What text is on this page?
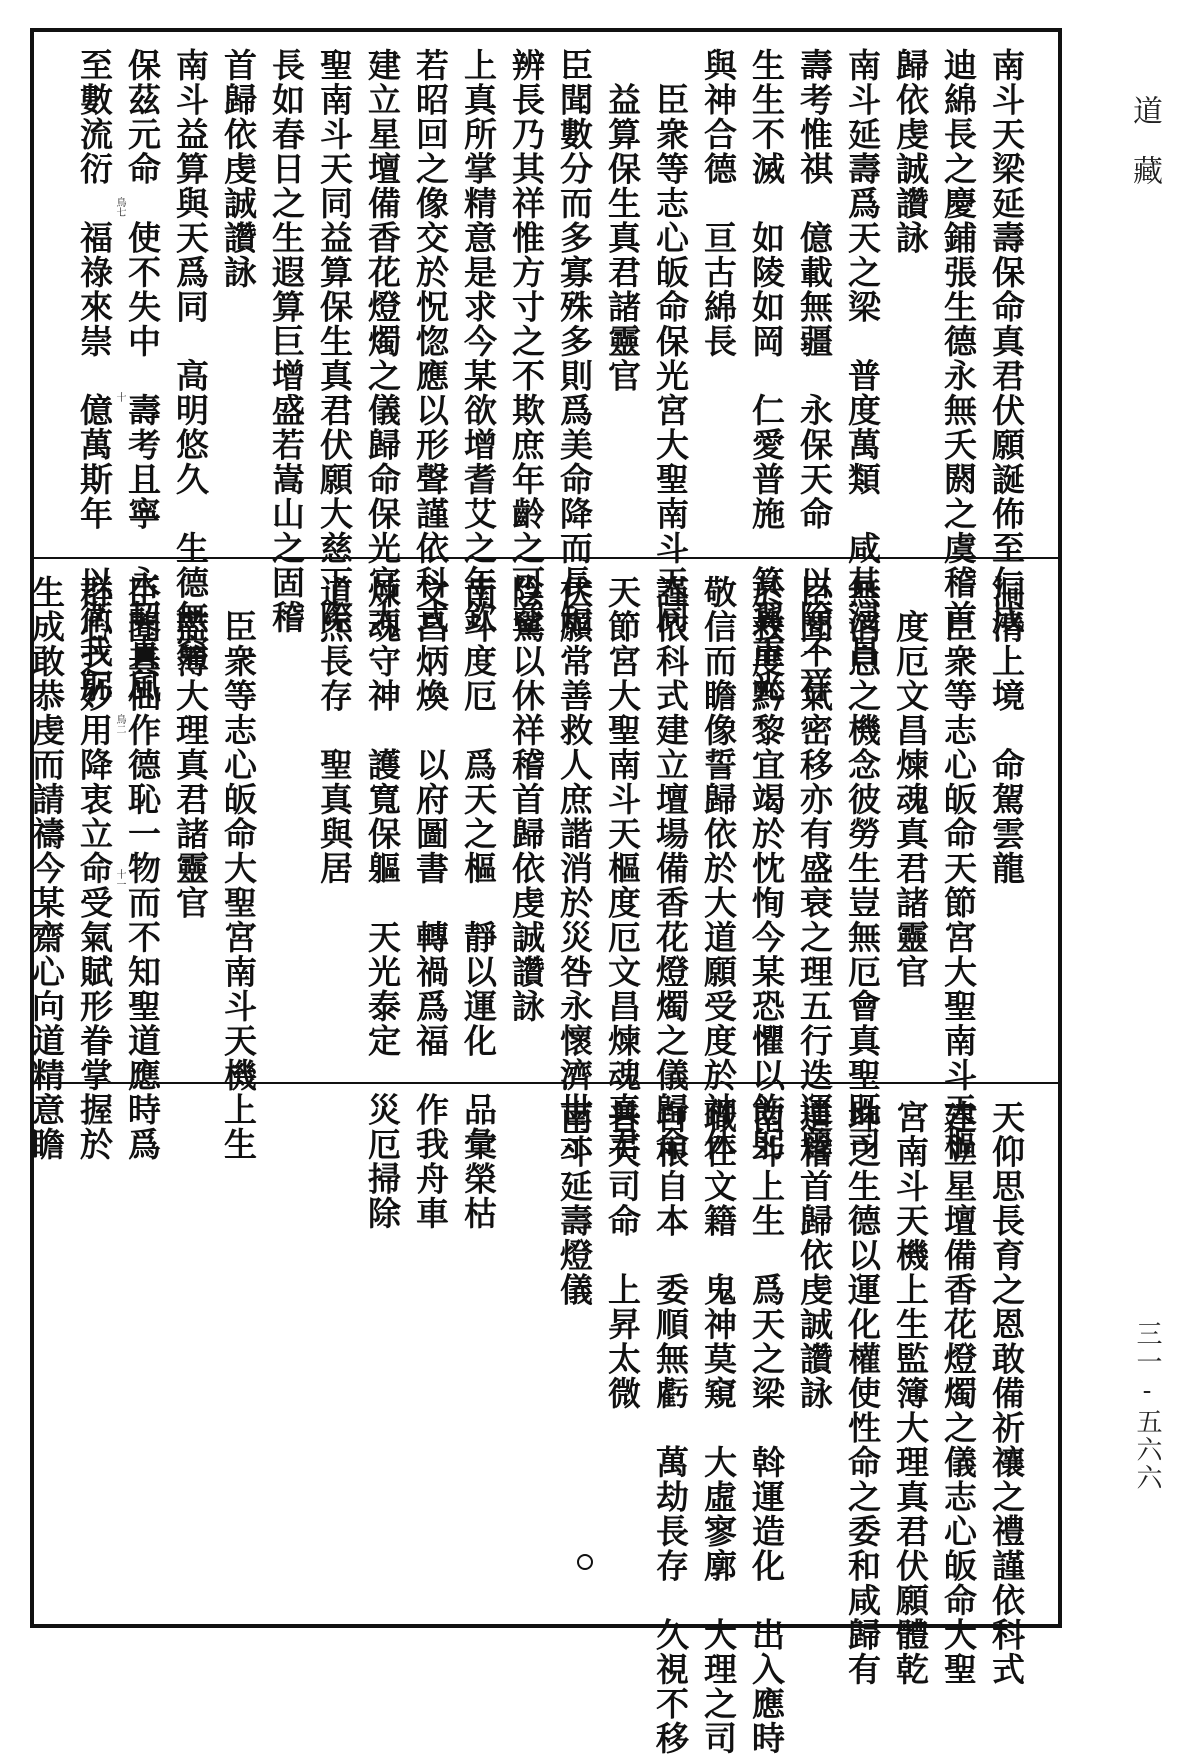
南斗天梁延壽保命真君伏願誕佈至仁成
迪綿長之慶鋪張生德永無夭閼之虞稽首
歸依虔誠讚詠
南斗延壽爲天之梁　普度萬類　咸其浸昌
壽考惟祺　億載無疆　永保天命　以除不祥
生生不滅　如陵如岡　仁愛普施　箕翼重光
與神合德　亘古綿長
　臣衆等志心皈命保光宮大聖南斗天同
　益算保生真君諸靈官
臣聞數分而多寡殊多則爲美命降而長短
辨長乃其祥惟方寸之不欺庶年齡之可益
上真所掌精意是求今某欲增耆艾之年欽
若昭回之像交於怳惚應以形聲謹依科式
建立星壇備香花燈燭之儀歸命保光宮大
聖南斗天同益算保生真君伏願大慈下際
長如春日之生遐算巨增盛若嵩山之固稽
首歸依虔誠讚詠
南斗益算與天爲同　高明悠久　生德無窮
保茲元命　使不失中　壽考且寧　永契真風
至數流衍　福祿來崇　億萬斯年　以衛我躬 鳥七
十
洞清上境　命駕雲龍
　臣衆等志心皈命天節宮大聖南斗天樞
　度厄文昌煉魂真君諸靈官
無消息之機念彼勞生豈無厄會真聖既司
臣聞二氣密移亦有盛衰之理五行迭運曾
於救度黔黎宜竭於忱恂今某恐懼以飭躬
敬信而瞻像誓歸依於大道願受度於神休
謹依科式建立壇場備香花燈燭之儀歸命
天節宮大聖南斗天樞度厄文昌煉魂真君
伏願常善救人庶諧消於災咎永懷濟世示
陰騭以休祥稽首歸依虔誠讚詠
南斗度厄　爲天之樞　靜以運化　品彙榮枯
文昌炳煥　以府圖書　轉禍爲福　作我舟車
煉魂守神　護寬保軀　天光泰定　災厄掃除
道炁長存　聖真與居
　臣衆等志心皈命大聖宮南斗天機上生
　監簿大理真君諸靈官
臣聞真仙作德恥一物而不知聖道應時爲
群心之妙用降衷立命受氣賦形眷掌握於
生成敢恭虔而請禱今某齋心向道精意瞻	鳥二
十一
天仰思長育之恩敢備祈禳之禮謹依科式
建立星壇備香花燈燭之儀志心皈命大聖
宮南斗天機上生監簿大理真君伏願體乾
坤之生德以運化權使性命之委和咸歸有
道稽首歸依虔誠讚詠
南斗上生　爲天之梁　斡運造化　出入應時
職在文籍　鬼神莫窺　大虛寥廓　大理之司
自根自本　委順無虧　萬劫長存　久視不移
普天司命　上昇太微
南斗延壽燈儀
道藏
三一-五六六
